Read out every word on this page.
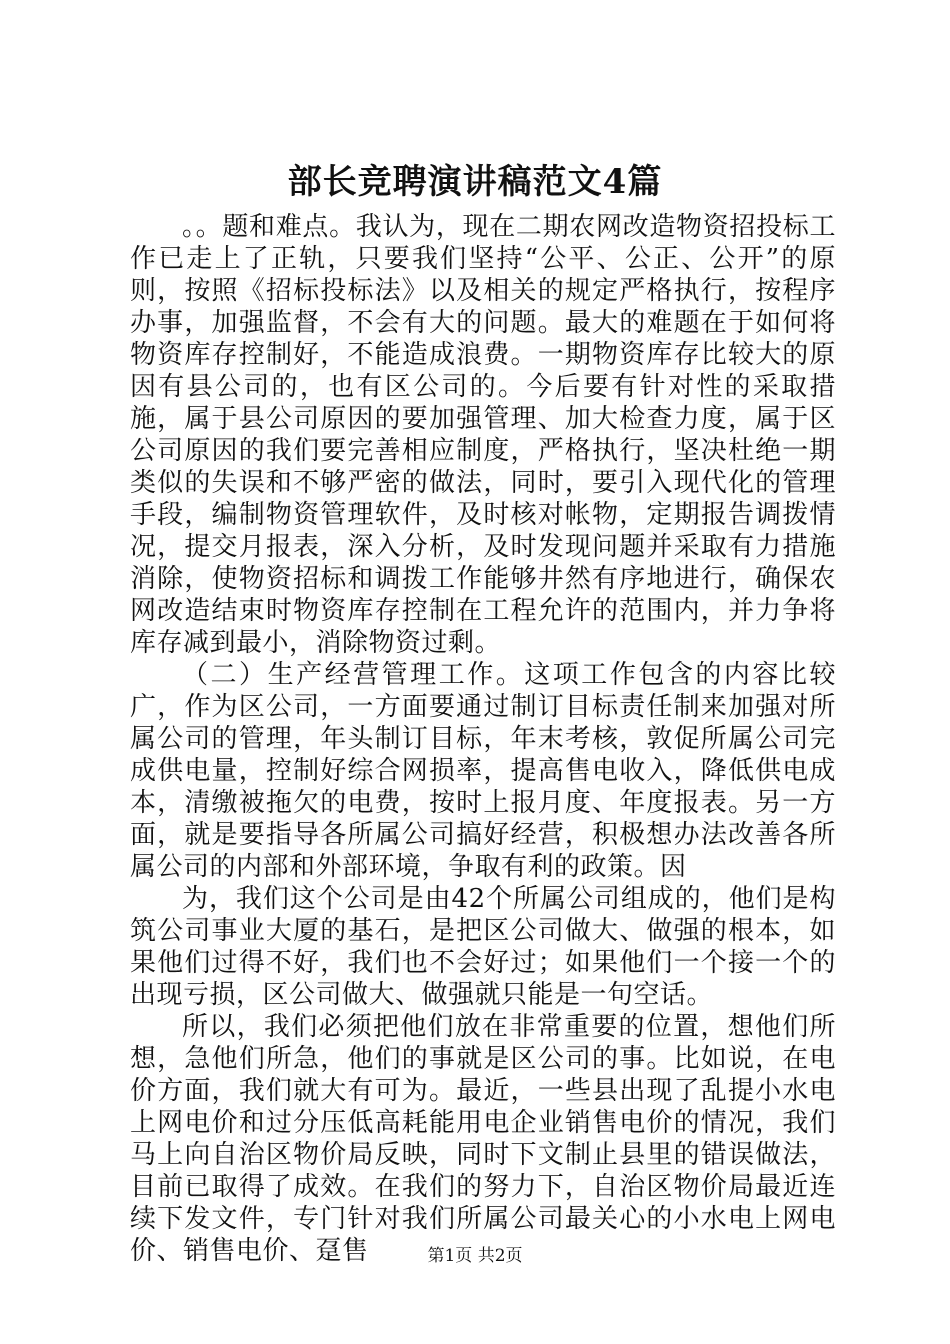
部长竞聘演讲稿范文4篇

。。题和难点。我认为，现在二期农网改造物资招投标工作已走上了正轨，只要我们坚持“公平、公正、公开”的原则，按照《招标投标法》以及相关的规定严格执行，按程序办事，加强监督，不会有大的问题。最大的难题在于如何将物资库存控制好，不能造成浪费。一期物资库存比较大的原因有县公司的，也有区公司的。今后要有针对性的采取措施，属于县公司原因的要加强管理、加大检查力度，属于区公司原因的我们要完善相应制度，严格执行，坚决杜绝一期类似的失误和不够严密的做法，同时，要引入现代化的管理手段，编制物资管理软件，及时核对帐物，定期报告调拨情况，提交月报表，深入分析，及时发现问题并采取有力措施消除，使物资招标和调拨工作能够井然有序地进行，确保农网改造结束时物资库存控制在工程允许的范围内，并力争将库存减到最小，消除物资过剩。

（二）生产经营管理工作。这项工作包含的内容比较广，作为区公司，一方面要通过制订目标责任制来加强对所属公司的管理，年头制订目标，年末考核，敦促所属公司完成供电量，控制好综合网损率，提高售电收入，降低供电成本，清缴被拖欠的电费，按时上报月度、年度报表。另一方面，就是要指导各所属公司搞好经营，积极想办法改善各所属公司的内部和外部环境，争取有利的政策。因

为，我们这个公司是由42个所属公司组成的，他们是构筑公司事业大厦的基石，是把区公司做大、做强的根本，如果他们过得不好，我们也不会好过；如果他们一个接一个的出现亏损，区公司做大、做强就只能是一句空话。

所以，我们必须把他们放在非常重要的位置，想他们所想，急他们所急，他们的事就是区公司的事。比如说，在电价方面，我们就大有可为。最近，一些县出现了乱提小水电上网电价和过分压低高耗能用电企业销售电价的情况，我们马上向自治区物价局反映，同时下文制止县里的错误做法，目前已取得了成效。在我们的努力下，自治区物价局最近连续下发文件，专门针对我们所属公司最关心的小水电上网电价、销售电价、趸售	第1页 共2页
